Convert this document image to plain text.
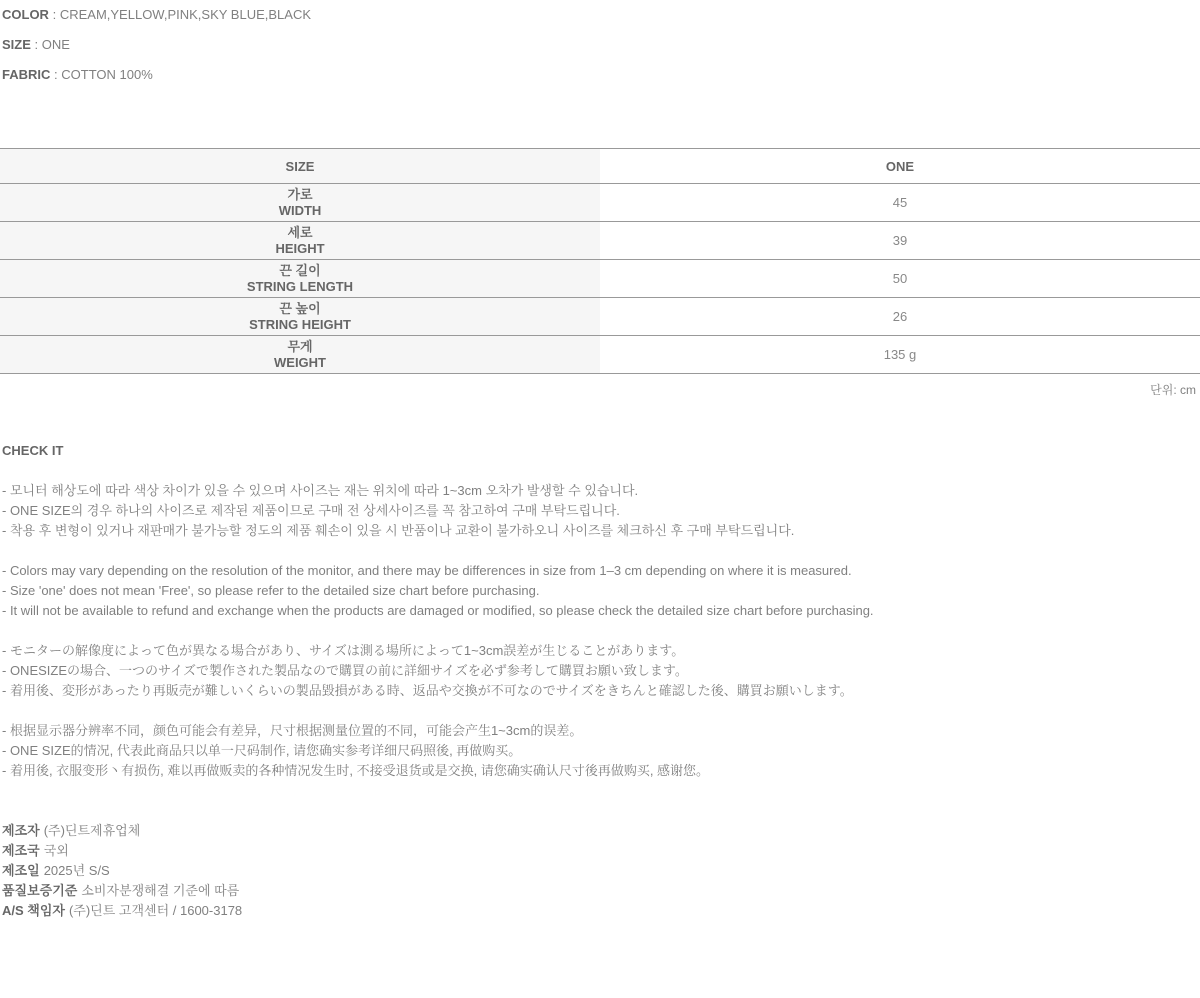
COLOR : CREAM,YELLOW,PINK,SKY BLUE,BLACK
SIZE : ONE
FABRIC : COTTON 100%
SIZE	ONE

가로
WIDTH	45

세로
HEIGHT	39

끈 길이
STRING LENGTH	50

끈 높이
STRING HEIGHT	26

무게
WEIGHT	135 g
단위: cm
CHECK IT
- 모니터 해상도에 따라 색상 차이가 있을 수 있으며 사이즈는 재는 위치에 따라 1~3cm 오차가 발생할 수 있습니다.
- ONE SIZE의 경우 하나의 사이즈로 제작된 제품이므로 구매 전 상세사이즈를 꼭 참고하여 구매 부탁드립니다.
- 착용 후 변형이 있거나 재판매가 불가능할 정도의 제품 훼손이 있을 시 반품이나 교환이 불가하오니 사이즈를 체크하신 후 구매 부탁드립니다.
- Colors may vary depending on the resolution of the monitor, and there may be differences in size from 1–3 cm depending on where it is measured.
- Size 'one' does not mean 'Free', so please refer to the detailed size chart before purchasing.
- It will not be available to refund and exchange when the products are damaged or modified, so please check the detailed size chart before purchasing.
- モニターの解像度によって色が異なる場合があり、サイズは測る場所によって1~3cm誤差が生じることがあります。
- ONESIZEの場合、一つのサイズで製作された製品なので購買の前に詳細サイズを必ず参考して購買お願い致します。
- 着用後、変形があったり再販売が難しいくらいの製品毀損がある時、返品や交換が不可なのでサイズをきちんと確認した後、購買お願いします。
- 根据显示器分辨率不同，颜色可能会有差异，尺寸根据测量位置的不同，可能会产生1~3cm的误差。
- ONE SIZE的情况, 代表此商品只以单一尺码制作, 请您确实参考详细尺码照後, 再做购买。
- 着用後, 衣服变形丶有损伤, 难以再做贩卖的各种情况发生时, 不接受退货或是交换, 请您确实确认尺寸後再做购买, 感谢您。
제조자 (주)딘트제휴업체
제조국 국외
제조일 2025년 S/S
품질보증기준 소비자분쟁해결 기준에 따름
A/S 책임자 (주)딘트 고객센터 / 1600-3178
